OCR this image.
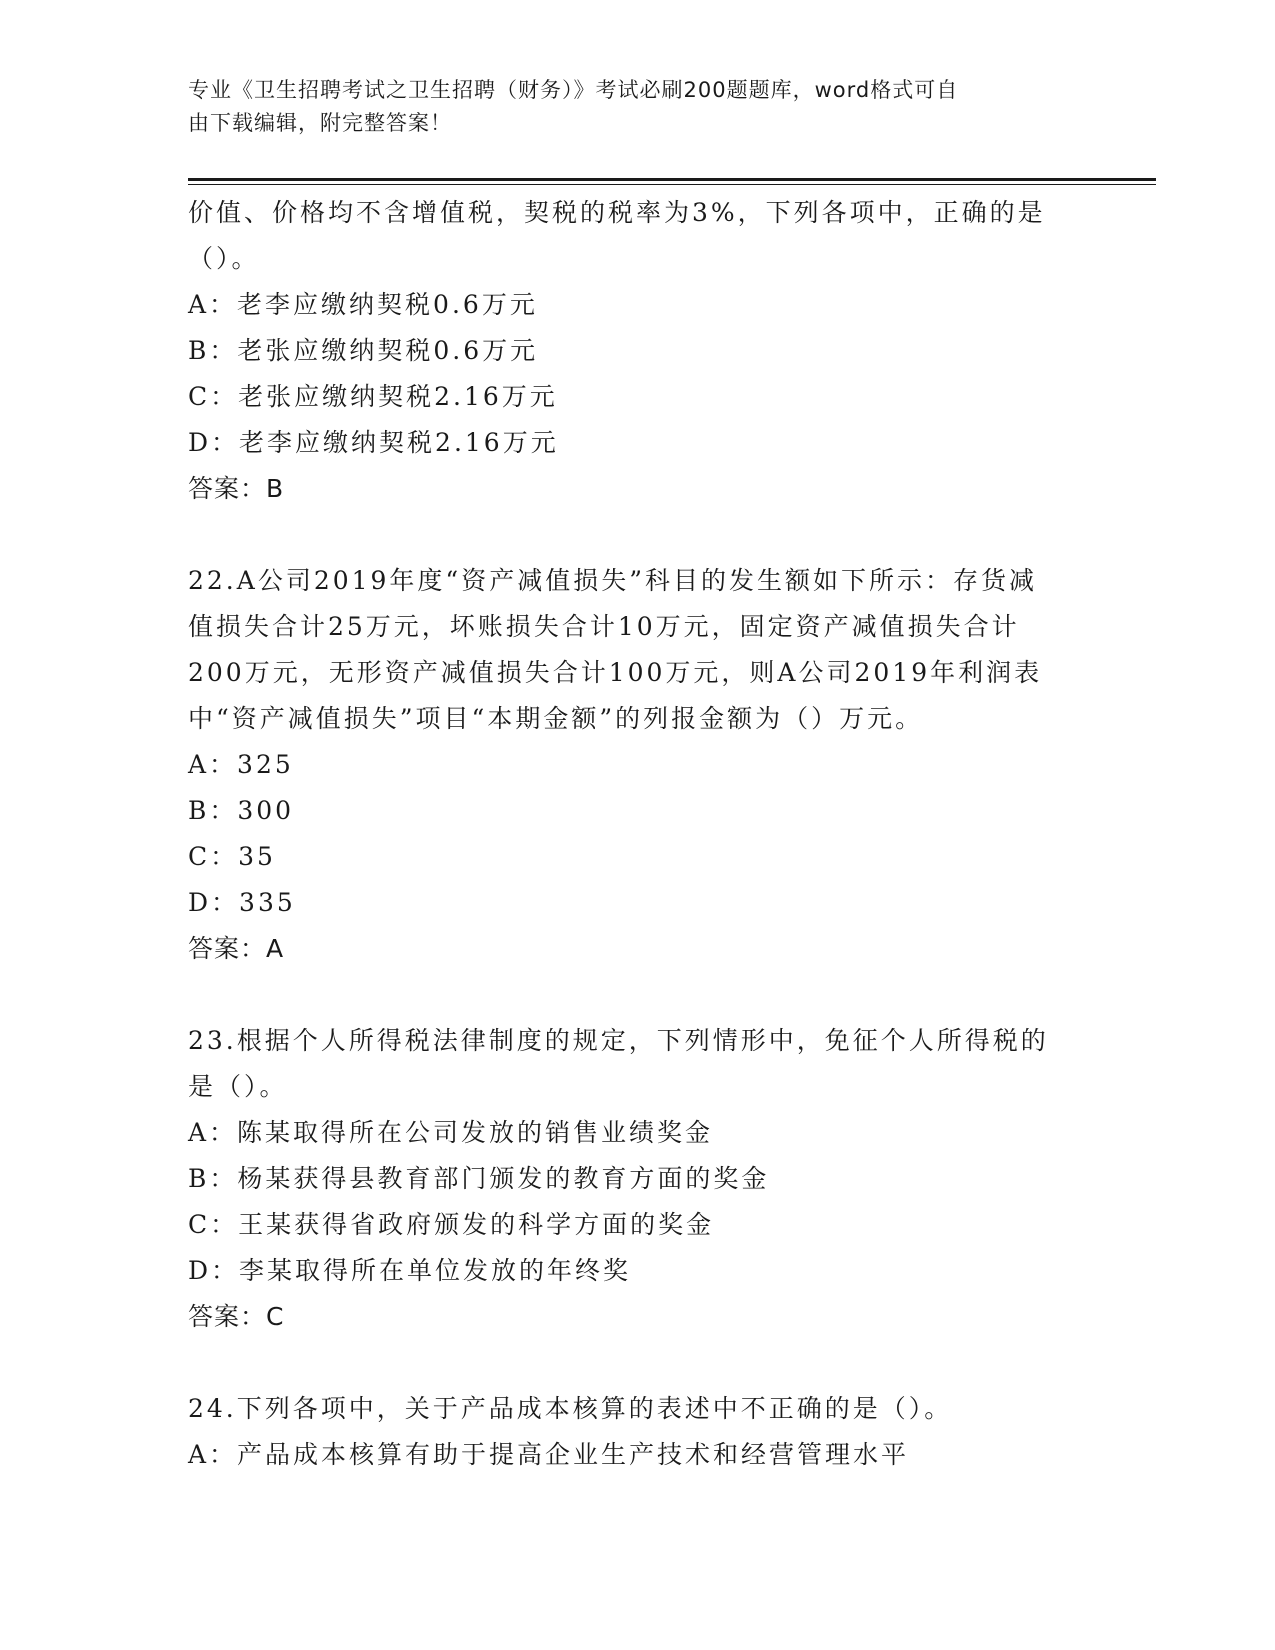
专业《卫生招聘考试之卫生招聘（财务）》考试必刷200题题库，word格式可自
由下载编辑，附完整答案！
价值、价格均不含增值税，契税的税率为3%，下列各项中，正确的是
（）。
A：老李应缴纳契税0.6万元
B：老张应缴纳契税0.6万元
C：老张应缴纳契税2.16万元
D：老李应缴纳契税2.16万元
答案：B
22.A公司2019年度“资产减值损失”科目的发生额如下所示：存货减
值损失合计25万元，坏账损失合计10万元，固定资产减值损失合计
200万元，无形资产减值损失合计100万元，则A公司2019年利润表
中“资产减值损失”项目“本期金额”的列报金额为（）万元。
A：325
B：300
C：35
D：335
答案：A
23.根据个人所得税法律制度的规定，下列情形中，免征个人所得税的
是（）。
A：陈某取得所在公司发放的销售业绩奖金
B：杨某获得县教育部门颁发的教育方面的奖金
C：王某获得省政府颁发的科学方面的奖金
D：李某取得所在单位发放的年终奖
答案：C
24.下列各项中，关于产品成本核算的表述中不正确的是（）。
A：产品成本核算有助于提高企业生产技术和经营管理水平
